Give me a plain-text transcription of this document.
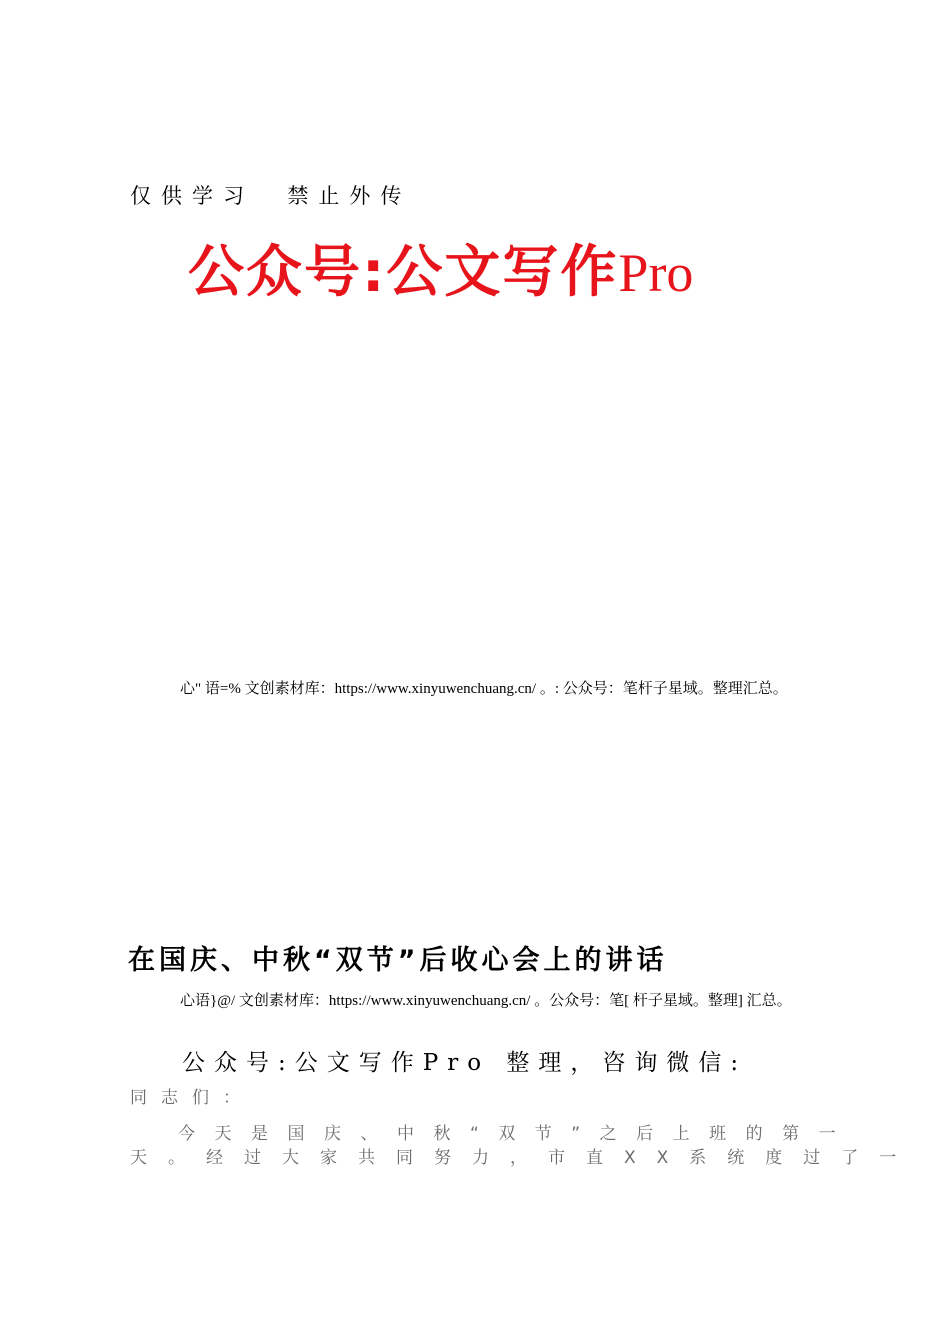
仅供学习  禁止外传
公众号:公文写作Pro
心" 语=% 文创素材库：https://www.xinyuwenchuang.cn/ 。: 公众号：笔杆子星域。整理汇总。
在国庆、中秋“双节”后收心会上的讲话
心语}@/ 文创素材库：https://www.xinyuwenchuang.cn/ 。公众号：笔[ 杆子星域。整理] 汇总。
公众号:公文写作Pro 整理，咨询微信:
同志们：
今天是国庆、中秋“双节”之后上班的第一
天。经过大家共同努力，市直XX系统度过了一
